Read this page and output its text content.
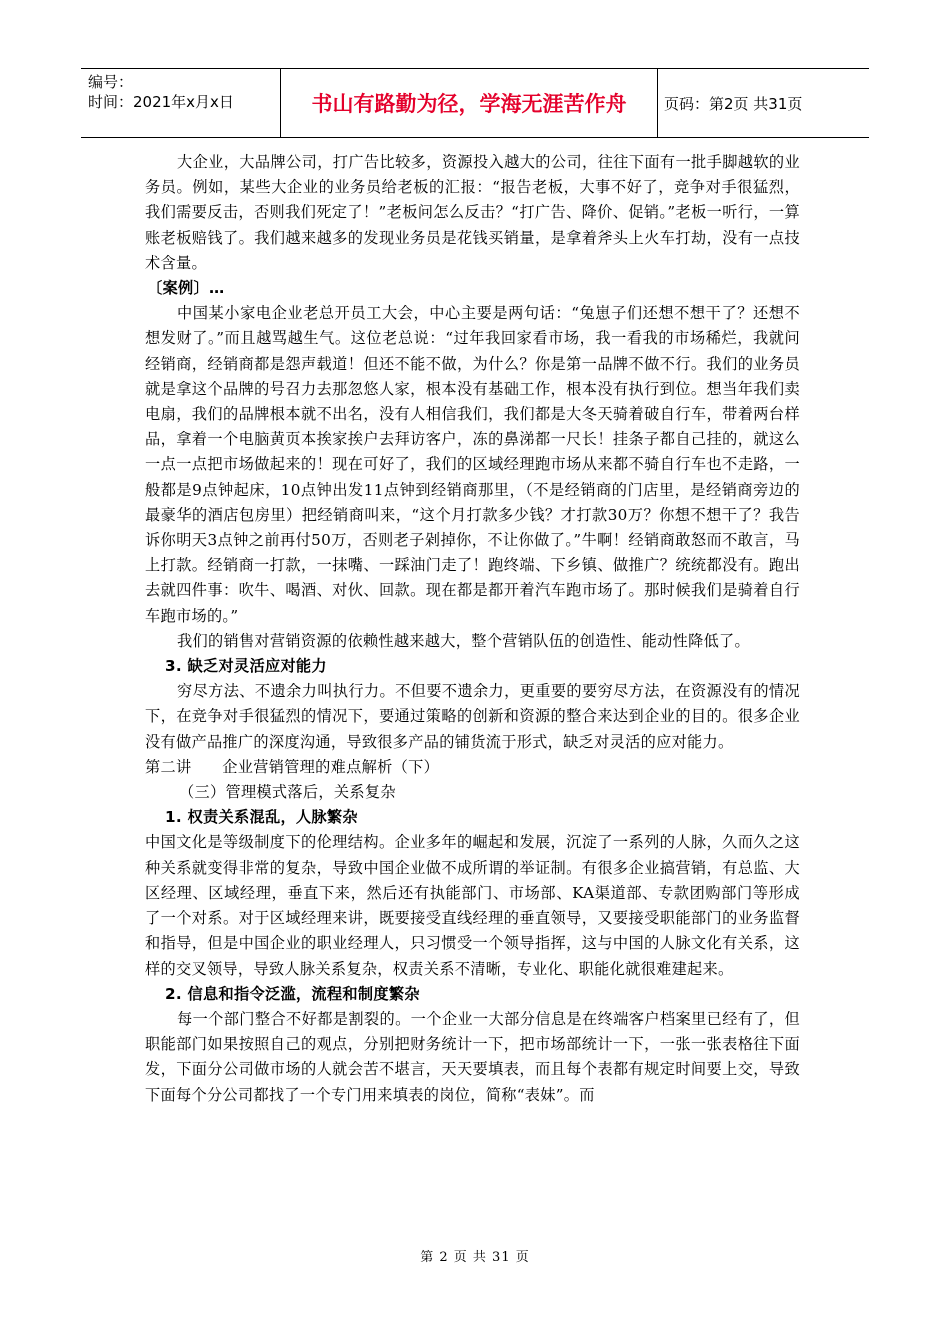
编号：
时间：2021年x月x日	书山有路勤为径，学海无涯苦作舟	页码：第2页 共31页

大企业，大品牌公司，打广告比较多，资源投入越大的公司，往往下面有一批手脚越软的业务员。例如，某些大企业的业务员给老板的汇报：“报告老板，大事不好了，竞争对手很猛烈，我们需要反击，否则我们死定了！”老板问怎么反击？“打广告、降价、促销。”老板一听行，一算账老板赔钱了。我们越来越多的发现业务员是花钱买销量，是拿着斧头上火车打劫，没有一点技术含量。

〔案例〕…

中国某小家电企业老总开员工大会，中心主要是两句话：“兔崽子们还想不想干了？还想不想发财了。”而且越骂越生气。这位老总说：“过年我回家看市场，我一看我的市场稀烂，我就问经销商，经销商都是怨声载道！但还不能不做，为什么？你是第一品牌不做不行。我们的业务员就是拿这个品牌的号召力去那忽悠人家，根本没有基础工作，根本没有执行到位。想当年我们卖电扇，我们的品牌根本就不出名，没有人相信我们，我们都是大冬天骑着破自行车，带着两台样品，拿着一个电脑黄页本挨家挨户去拜访客户，冻的鼻涕都一尺长！挂条子都自己挂的，就这么一点一点把市场做起来的！现在可好了，我们的区域经理跑市场从来都不骑自行车也不走路，一般都是9点钟起床，10点钟出发11点钟到经销商那里，（不是经销商的门店里，是经销商旁边的最豪华的酒店包房里）把经销商叫来，“这个月打款多少钱？才打款30万？你想不想干了？我告诉你明天3点钟之前再付50万，否则老子剁掉你，不让你做了。”牛啊！经销商敢怒而不敢言，马上打款。经销商一打款，一抹嘴、一踩油门走了！跑终端、下乡镇、做推广？统统都没有。跑出去就四件事：吹牛、喝酒、对伙、回款。现在都是都开着汽车跑市场了。那时候我们是骑着自行车跑市场的。”

我们的销售对营销资源的依赖性越来越大，整个营销队伍的创造性、能动性降低了。

3. 缺乏对灵活应对能力

穷尽方法、不遗余力叫执行力。不但要不遗余力，更重要的要穷尽方法，在资源没有的情况下，在竞争对手很猛烈的情况下，要通过策略的创新和资源的整合来达到企业的目的。很多企业没有做产品推广的深度沟通，导致很多产品的铺货流于形式，缺乏对灵活的应对能力。

第二讲      企业营销管理的难点解析（下）

（三）管理模式落后，关系复杂

1. 权责关系混乱，人脉繁杂

中国文化是等级制度下的伦理结构。企业多年的崛起和发展，沉淀了一系列的人脉，久而久之这种关系就变得非常的复杂，导致中国企业做不成所谓的举证制。有很多企业搞营销，有总监、大区经理、区域经理，垂直下来，然后还有执能部门、市场部、KA渠道部、专款团购部门等形成了一个对系。对于区域经理来讲，既要接受直线经理的垂直领导，又要接受职能部门的业务监督和指导，但是中国企业的职业经理人，只习惯受一个领导指挥，这与中国的人脉文化有关系，这样的交叉领导，导致人脉关系复杂，权责关系不清晰，专业化、职能化就很难建起来。

2. 信息和指令泛滥，流程和制度繁杂

每一个部门整合不好都是割裂的。一个企业一大部分信息是在终端客户档案里已经有了，但职能部门如果按照自己的观点，分别把财务统计一下，把市场部统计一下，一张一张表格往下面发，下面分公司做市场的人就会苦不堪言，天天要填表，而且每个表都有规定时间要上交，导致下面每个分公司都找了一个专门用来填表的岗位，简称“表妹”。而

第 2 页 共 31 页
